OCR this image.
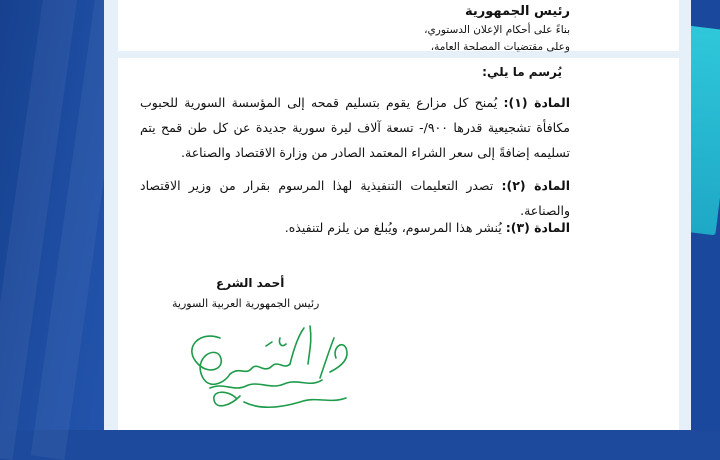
رئيس الجمهورية
بناءً على أحكام الإعلان الدستوري،
وعلى مقتضيات المصلحة العامة،
يُرسم ما يلي:
المادة (١): يُمنح كل مزارع يقوم بتسليم قمحه إلى المؤسسة السورية للحبوب مكافأة تشجيعية قدرها ٩٠٠/- تسعة آلاف ليرة سورية جديدة عن كل طن قمح يتم تسليمه إضافةً إلى سعر الشراء المعتمد الصادر من وزارة الاقتصاد والصناعة.
المادة (٢): تصدر التعليمات التنفيذية لهذا المرسوم بقرار من وزير الاقتصاد والصناعة.
المادة (٣): يُنشر هذا المرسوم، ويُبلغ من يلزم لتنفيذه.
أحمد الشرع
رئيس الجمهورية العربية السورية
